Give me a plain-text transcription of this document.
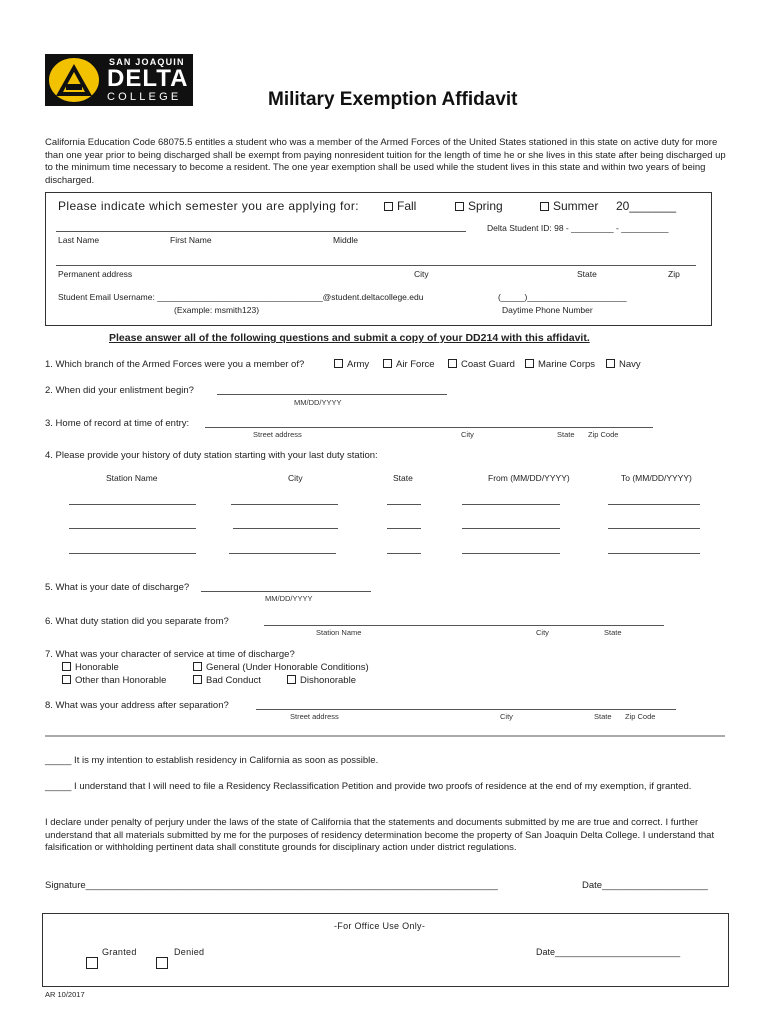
SAN JOAQUIN
DELTA
COLLEGE	Military Exemption Affidavit

California Education Code 68075.5 entitles a student who was a member of the Armed Forces of the United States stationed in this state on active duty for more than one year prior to being discharged shall be exempt from paying nonresident tuition for the length of time he or she lives in this state after being discharged up to the minimum time necessary to become a resident. The one year exemption shall be used while the student lives in this state and within two years of being discharged.

Please indicate which semester you are applying for:	Fall	Spring	Summer 20_______
Delta Student ID: 98 - _________ - __________
Last Name	First Name	Middle
Permanent address	City	State	Zip
Student Email Username: ___________________________________@student.deltacollege.edu
(Example: msmith123)
(_____)_____________________
Daytime Phone Number
Please answer all of the following questions and submit a copy of your DD214 with this affidavit.
1. Which branch of the Armed Forces were you a member of?	Army	Air Force	Coast Guard	Marine Corps	Navy
2. When did your enlistment begin?
MM/DD/YYYY
3. Home of record at time of entry:
Street address	City	State Zip Code
4. Please provide your history of duty station starting with your last duty station:
Station Name	City	State	From (MM/DD/YYYY)	To (MM/DD/YYYY)
5. What is your date of discharge?
MM/DD/YYYY
6. What duty station did you separate from?
Station Name	City	State
7. What was your character of service at time of discharge?
Honorable	General (Under Honorable Conditions)
Other than Honorable	Bad Conduct	Dishonorable
8. What was your address after separation?
Street address	City	State Zip Code

_____ It is my intention to establish residency in California as soon as possible.

_____ I understand that I will need to file a Residency Reclassification Petition and provide two proofs of residence at the end of my exemption, if granted.

I declare under penalty of perjury under the laws of the state of California that the statements and documents submitted by me are true and correct. I further understand that all materials submitted by me for the purposes of residency determination become the property of San Joaquin Delta College. I understand that falsification or withholding pertinent data shall constitute grounds for disciplinary action under district regulations.

Signature______________________________________________________________________________	Date____________________
-For Office Use Only-
Granted	Denied	Date_________________________
AR 10/2017
